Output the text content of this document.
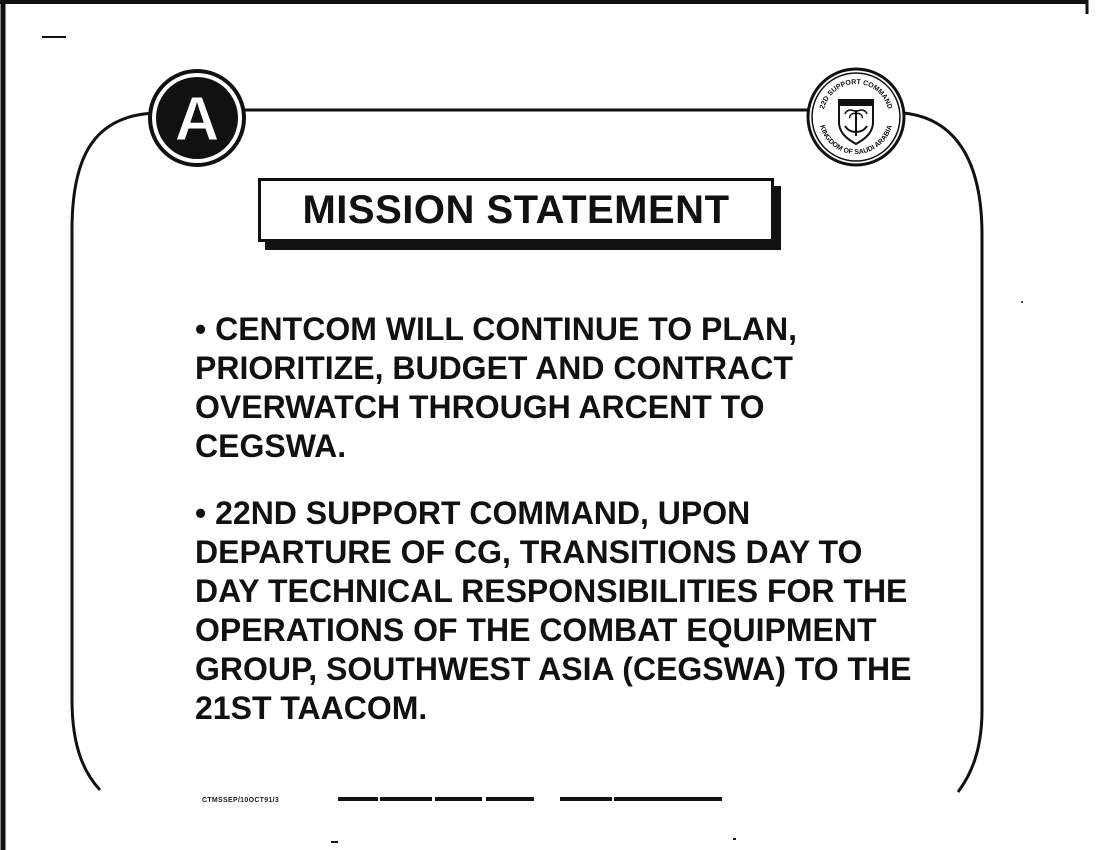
A	22D SUPPORT COMMAND
KINGDOM OF SAUDI ARABIA
MISSION STATEMENT
• CENTCOM WILL CONTINUE TO PLAN, PRIORITIZE, BUDGET AND CONTRACT OVERWATCH THROUGH ARCENT TO CEGSWA.
• 22ND SUPPORT COMMAND, UPON DEPARTURE OF CG, TRANSITIONS DAY TO DAY TECHNICAL RESPONSIBILITIES FOR THE OPERATIONS OF THE COMBAT EQUIPMENT GROUP, SOUTHWEST ASIA (CEGSWA) TO THE 21ST TAACOM.
CTMSSEP/10OCT91/3
